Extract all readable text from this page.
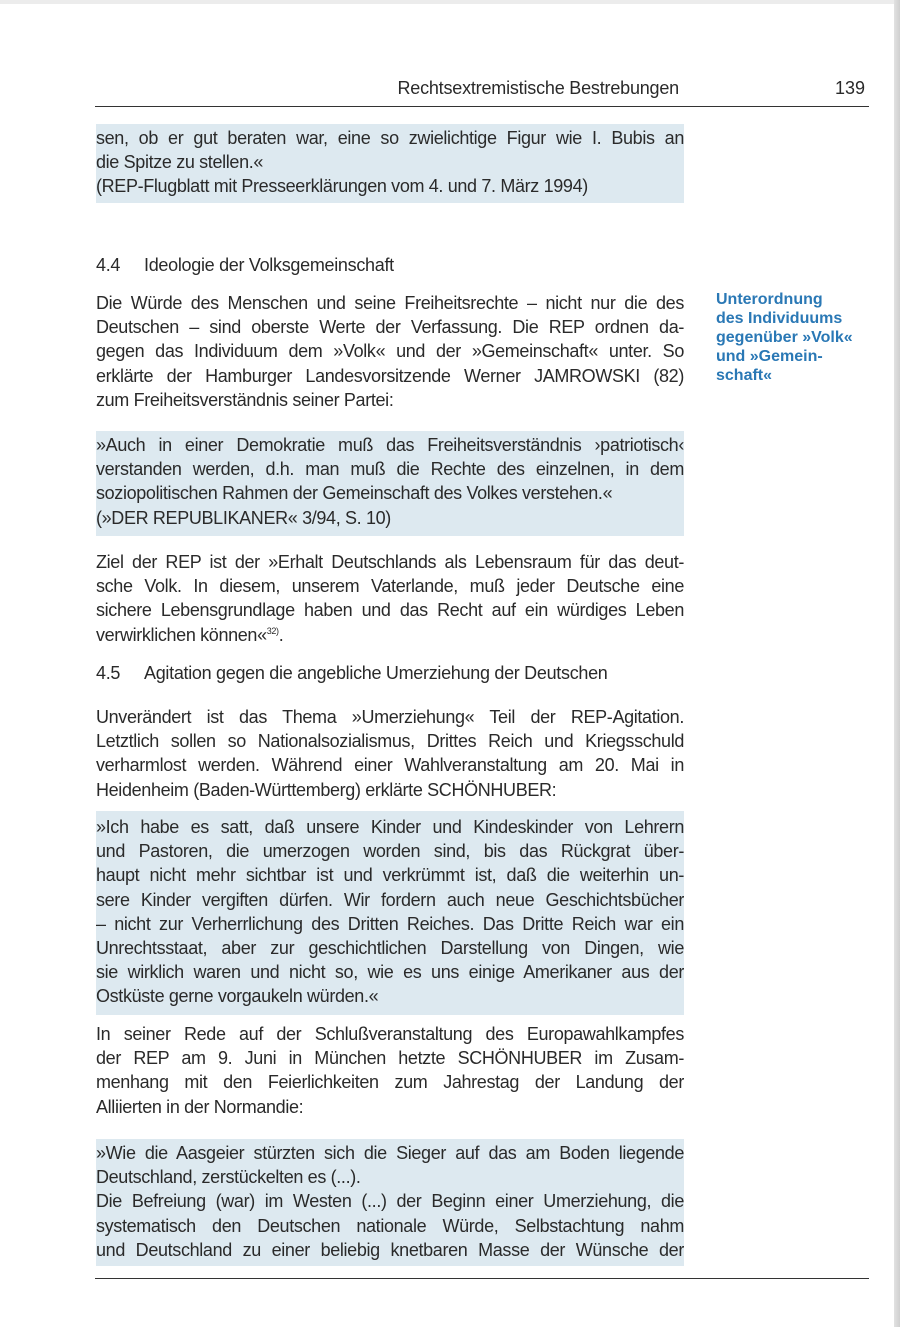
Rechtsextremistische Bestrebungen	139
sen, ob er gut beraten war, eine so zwielichtige Figur wie I. Bubis an
die Spitze zu stellen.«
(REP-Flugblatt mit Presseerklärungen vom 4. und 7. März 1994)
4.4 Ideologie der Volksgemeinschaft
Die Würde des Menschen und seine Freiheitsrechte – nicht nur die des
Deutschen – sind oberste Werte der Verfassung. Die REP ordnen da-
gegen das Individuum dem »Volk« und der »Gemeinschaft« unter. So
erklärte der Hamburger Landesvorsitzende Werner JAMROWSKI (82)
zum Freiheitsverständnis seiner Partei:
Unterordnung
des Individuums
gegenüber »Volk«
und »Gemein-
schaft«
»Auch in einer Demokratie muß das Freiheitsverständnis ›patriotisch‹
verstanden werden, d.h. man muß die Rechte des einzelnen, in dem
soziopolitischen Rahmen der Gemeinschaft des Volkes verstehen.«
(»DER REPUBLIKANER« 3/94, S. 10)
Ziel der REP ist der »Erhalt Deutschlands als Lebensraum für das deut-
sche Volk. In diesem, unserem Vaterlande, muß jeder Deutsche eine
sichere Lebensgrundlage haben und das Recht auf ein würdiges Leben
verwirklichen können«$^{32)}$.
4.5 Agitation gegen die angebliche Umerziehung der Deutschen
Unverändert ist das Thema »Umerziehung« Teil der REP-Agitation.
Letztlich sollen so Nationalsozialismus, Drittes Reich und Kriegsschuld
verharmlost werden. Während einer Wahlveranstaltung am 20. Mai in
Heidenheim (Baden-Württemberg) erklärte SCHÖNHUBER:
»Ich habe es satt, daß unsere Kinder und Kindeskinder von Lehrern
und Pastoren, die umerzogen worden sind, bis das Rückgrat über-
haupt nicht mehr sichtbar ist und verkrümmt ist, daß die weiterhin un-
sere Kinder vergiften dürfen. Wir fordern auch neue Geschichtsbücher
– nicht zur Verherrlichung des Dritten Reiches. Das Dritte Reich war ein
Unrechtsstaat, aber zur geschichtlichen Darstellung von Dingen, wie
sie wirklich waren und nicht so, wie es uns einige Amerikaner aus der
Ostküste gerne vorgaukeln würden.«
In seiner Rede auf der Schlußveranstaltung des Europawahlkampfes
der REP am 9. Juni in München hetzte SCHÖNHUBER im Zusam-
menhang mit den Feierlichkeiten zum Jahrestag der Landung der
Alliierten in der Normandie:
»Wie die Aasgeier stürzten sich die Sieger auf das am Boden liegende
Deutschland, zerstückelten es (...).
Die Befreiung (war) im Westen (...) der Beginn einer Umerziehung, die
systematisch den Deutschen nationale Würde, Selbstachtung nahm
und Deutschland zu einer beliebig knetbaren Masse der Wünsche der
